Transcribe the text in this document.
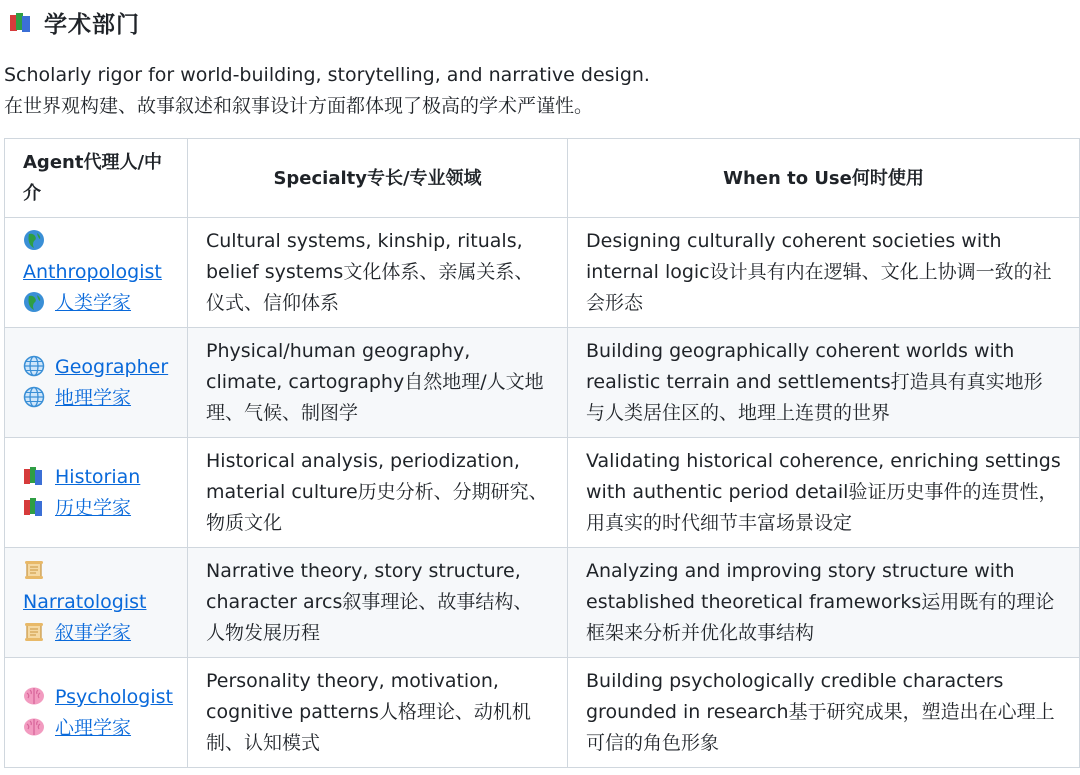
学术部门

Scholarly rigor for world-building, storytelling, and narrative design.

在世界观构建、故事叙述和叙事设计方面都体现了极高的学术严谨性。

Agent代理人/中介	Specialty专长/专业领域	When to Use何时使用

Anthropologist
人类学家	Cultural systems, kinship, rituals, belief systems文化体系、亲属关系、仪式、信仰体系	Designing culturally coherent societies with internal logic设计具有内在逻辑、文化上协调一致的社会形态
Geographer
地理学家	Physical/human geography, climate, cartography自然地理/人文地理、气候、制图学	Building geographically coherent worlds with realistic terrain and settlements打造具有真实地形与人类居住区的、地理上连贯的世界
Historian
历史学家	Historical analysis, periodization, material culture历史分析、分期研究、物质文化	Validating historical coherence, enriching settings with authentic period detail验证历史事件的连贯性，用真实的时代细节丰富场景设定

Narratologist
叙事学家	Narrative theory, story structure, character arcs叙事理论、故事结构、人物发展历程	Analyzing and improving story structure with established theoretical frameworks运用既有的理论框架来分析并优化故事结构
Psychologist
心理学家	Personality theory, motivation, cognitive patterns人格理论、动机机制、认知模式	Building psychologically credible characters grounded in research基于研究成果，塑造出在心理上可信的角色形象
